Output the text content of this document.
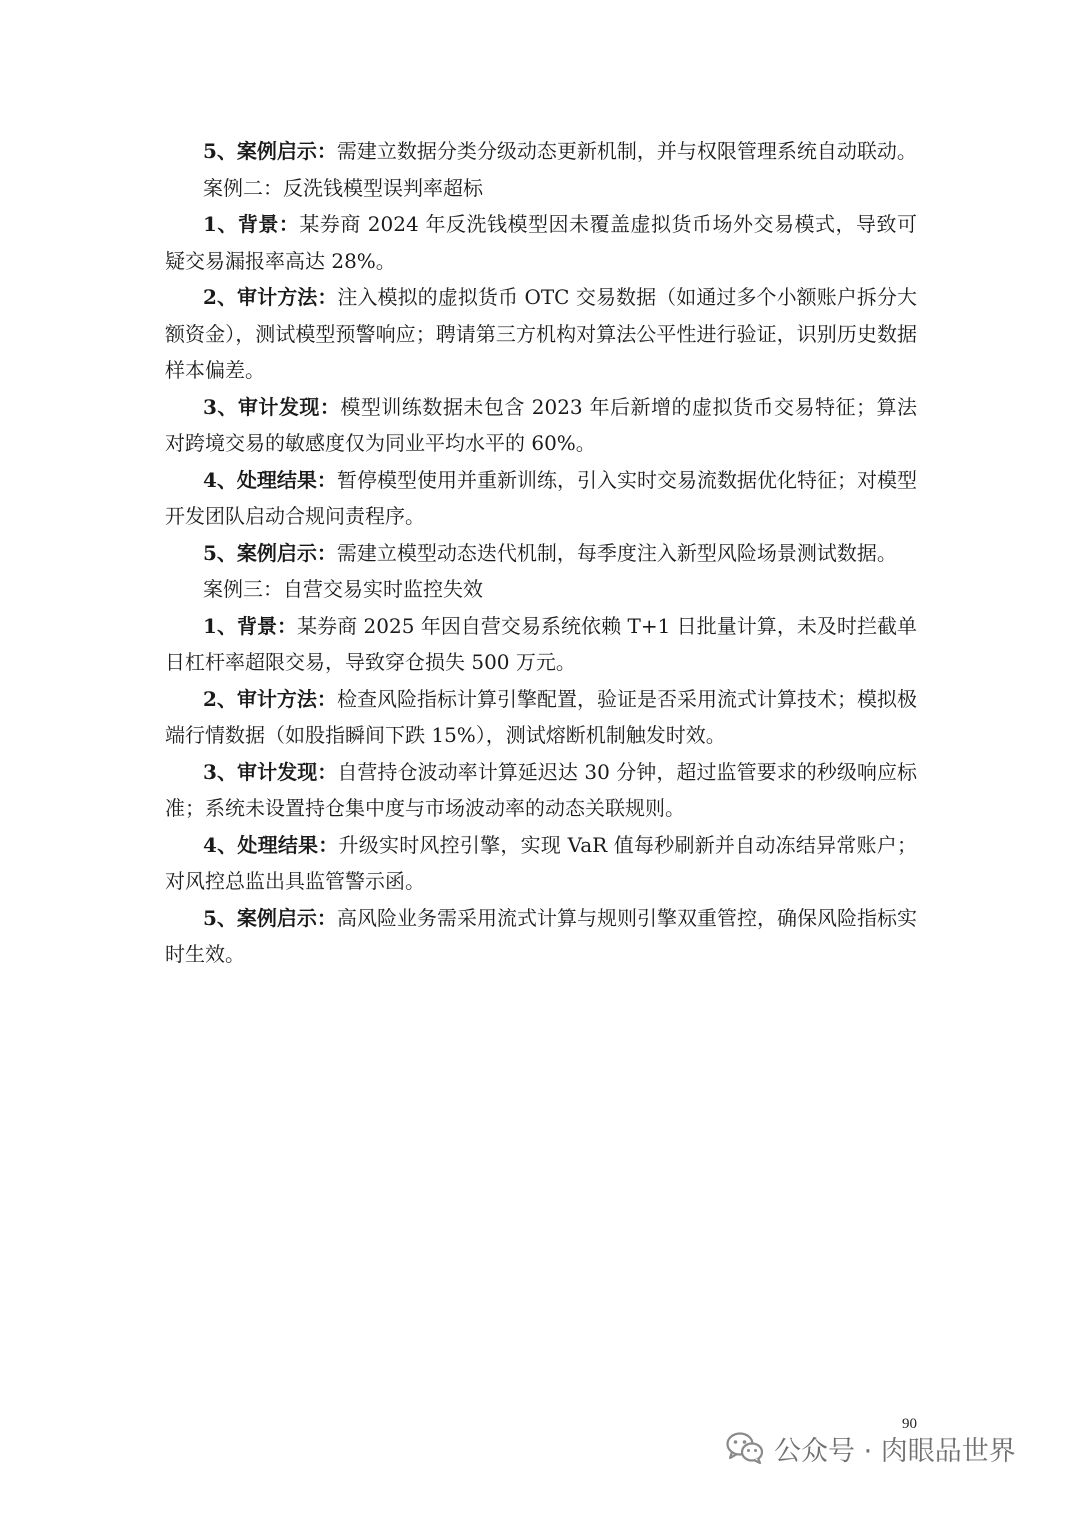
5、案例启示：需建立数据分类分级动态更新机制，并与权限管理系统自动联动。

案例二：反洗钱模型误判率超标

1、背景：某券商 2024 年反洗钱模型因未覆盖虚拟货币场外交易模式，导致可疑交易漏报率高达 28%。

2、审计方法：注入模拟的虚拟货币 OTC 交易数据（如通过多个小额账户拆分大额资金），测试模型预警响应；聘请第三方机构对算法公平性进行验证，识别历史数据样本偏差。

3、审计发现：模型训练数据未包含 2023 年后新增的虚拟货币交易特征；算法对跨境交易的敏感度仅为同业平均水平的 60%。

4、处理结果：暂停模型使用并重新训练，引入实时交易流数据优化特征；对模型开发团队启动合规问责程序。

5、案例启示：需建立模型动态迭代机制，每季度注入新型风险场景测试数据。

案例三：自营交易实时监控失效

1、背景：某券商 2025 年因自营交易系统依赖 T+1 日批量计算，未及时拦截单日杠杆率超限交易，导致穿仓损失 500 万元。

2、审计方法：检查风险指标计算引擎配置，验证是否采用流式计算技术；模拟极端行情数据（如股指瞬间下跌 15%），测试熔断机制触发时效。

3、审计发现：自营持仓波动率计算延迟达 30 分钟，超过监管要求的秒级响应标准；系统未设置持仓集中度与市场波动率的动态关联规则。

4、处理结果：升级实时风控引擎，实现 VaR 值每秒刷新并自动冻结异常账户；对风控总监出具监管警示函。

5、案例启示：高风险业务需采用流式计算与规则引擎双重管控，确保风险指标实时生效。

90
公众号 · 肉眼品世界
